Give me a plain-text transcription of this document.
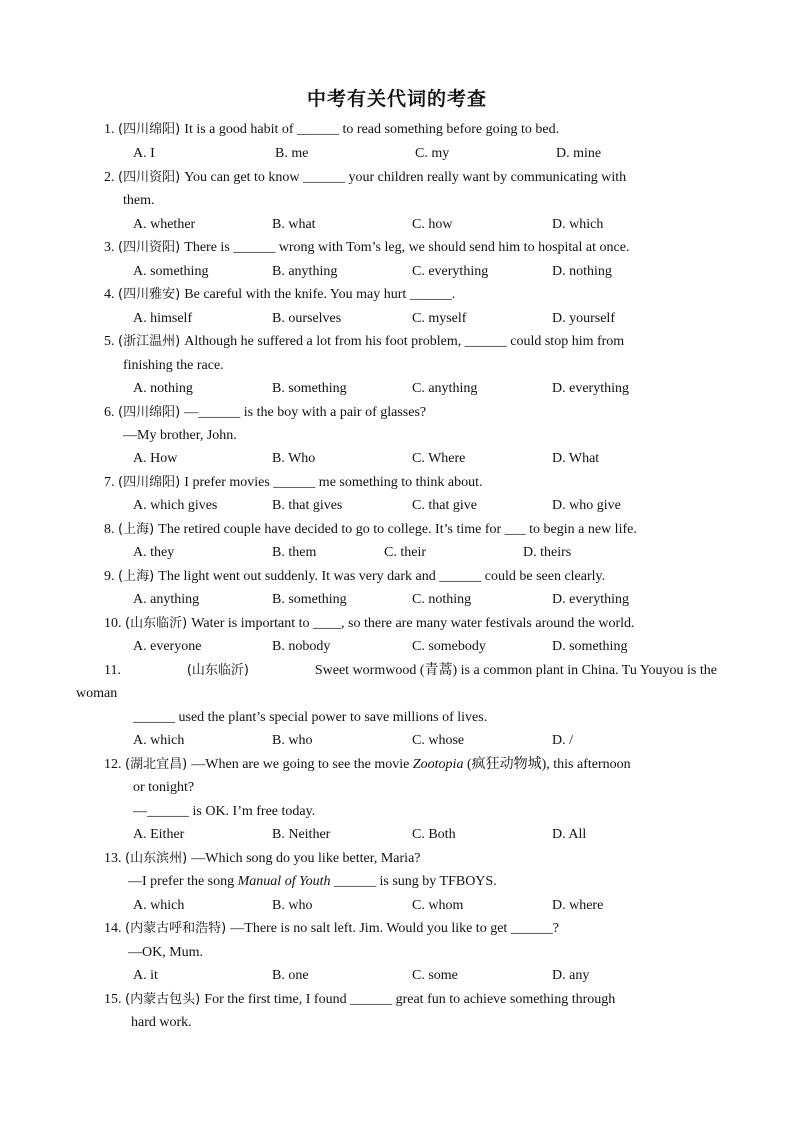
中考有关代词的考查
1. (四川绵阳) It is a good habit of ______ to read something before going to bed.
A. I	B. me	C. my	D. mine
2. (四川资阳) You can get to know ______ your children really want by communicating with
them.
A. whether	B. what	C. how	D. which
3. (四川资阳) There is ______ wrong with Tom’s leg, we should send him to hospital at once.
A. something	B. anything	C. everything	D. nothing
4. (四川雅安) Be careful with the knife. You may hurt ______.
A. himself	B. ourselves	C. myself	D. yourself
5. (浙江温州) Although he suffered a lot from his foot problem, ______ could stop him from
finishing the race.
A. nothing	B. something	C. anything	D. everything
6. (四川绵阳) —______ is the boy with a pair of glasses?
—My brother, John.
A. How	B. Who	C. Where	D. What
7. (四川绵阳) I prefer movies ______ me something to think about.
A. which gives	B. that gives	C. that give	D. who give
8. (上海) The retired couple have decided to go to college. It’s time for ___ to begin a new life.
A. they	B. them	C. their	D. theirs
9. (上海) The light went out suddenly. It was very dark and ______ could be seen clearly.
A. anything	B. something	C. nothing	D. everything
10. (山东临沂) Water is important to ____, so there are many water festivals around the world.
A. everyone	B. nobody	C. somebody	D. something
11.	(山东临沂)	Sweet wormwood (青蒿) is a common plant in China. Tu Youyou is the
woman
______ used the plant’s special power to save millions of lives.
A. which	B. who	C. whose	D. /
12. (湖北宜昌) —When are we going to see the movie Zootopia (疯狂动物城), this afternoon
or tonight?
—______ is OK. I’m free today.
A. Either	B. Neither	C. Both	D. All
13. (山东滨州) —Which song do you like better, Maria?
—I prefer the song Manual of Youth ______ is sung by TFBOYS.
A. which	B. who	C. whom	D. where
14. (内蒙古呼和浩特) —There is no salt left. Jim. Would you like to get ______?
—OK, Mum.
A. it	B. one	C. some	D. any
15. (内蒙古包头) For the first time, I found ______ great fun to achieve something through
hard work.
